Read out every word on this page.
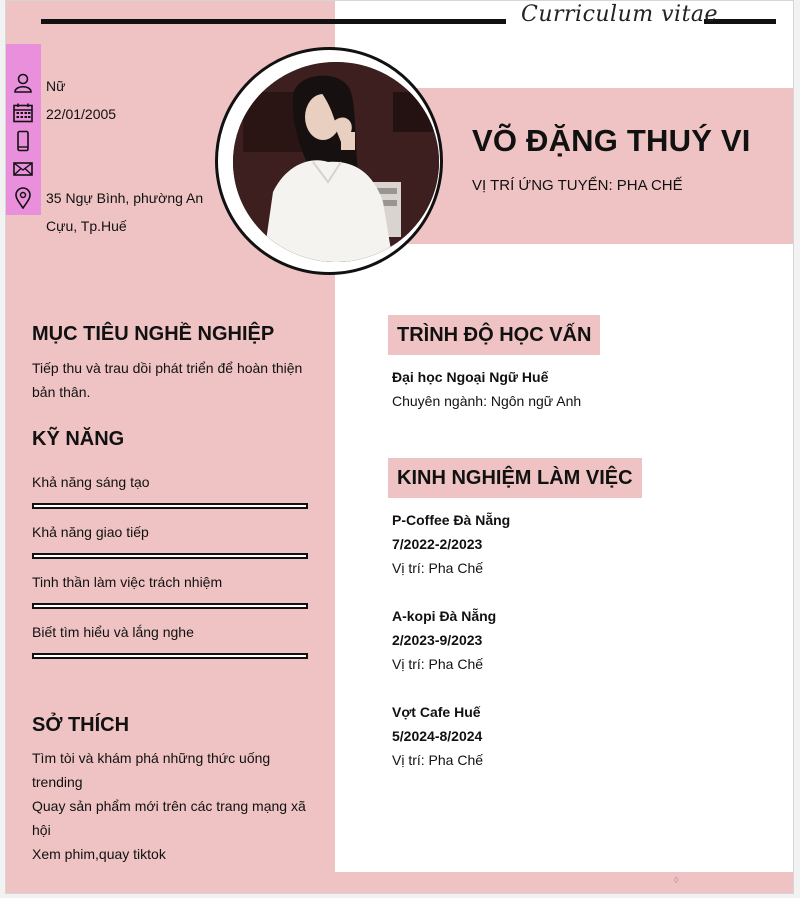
◊
Curriculum vitae
Nữ
22/01/2005
35 Ngự Bình, phường An
Cựu, Tp.Huế
VÕ ĐẶNG THUÝ VI
VỊ TRÍ ỨNG TUYỂN: PHA CHẾ
MỤC TIÊU NGHỀ NGHIỆP
Tiếp thu và trau dồi phát triển để hoàn thiện
bản thân.
KỸ NĂNG
Khả năng sáng tạo
Khả năng giao tiếp
Tinh thần làm việc trách nhiệm
Biết tìm hiểu và lắng nghe
SỞ THÍCH
Tìm tòi và khám phá những thức uống
trending
Quay sản phẩm mới trên các trang mạng xã
hội
Xem phim,quay tiktok
TRÌNH ĐỘ HỌC VẤN
Đại học Ngoại Ngữ Huế
Chuyên ngành: Ngôn ngữ Anh
KINH NGHIỆM LÀM VIỆC
P-Coffee Đà Nẵng
7/2022-2/2023
Vị trí: Pha Chế
A-kopi Đà Nẵng
2/2023-9/2023
Vị trí: Pha Chế
Vợt Cafe Huế
5/2024-8/2024
Vị trí: Pha Chế
